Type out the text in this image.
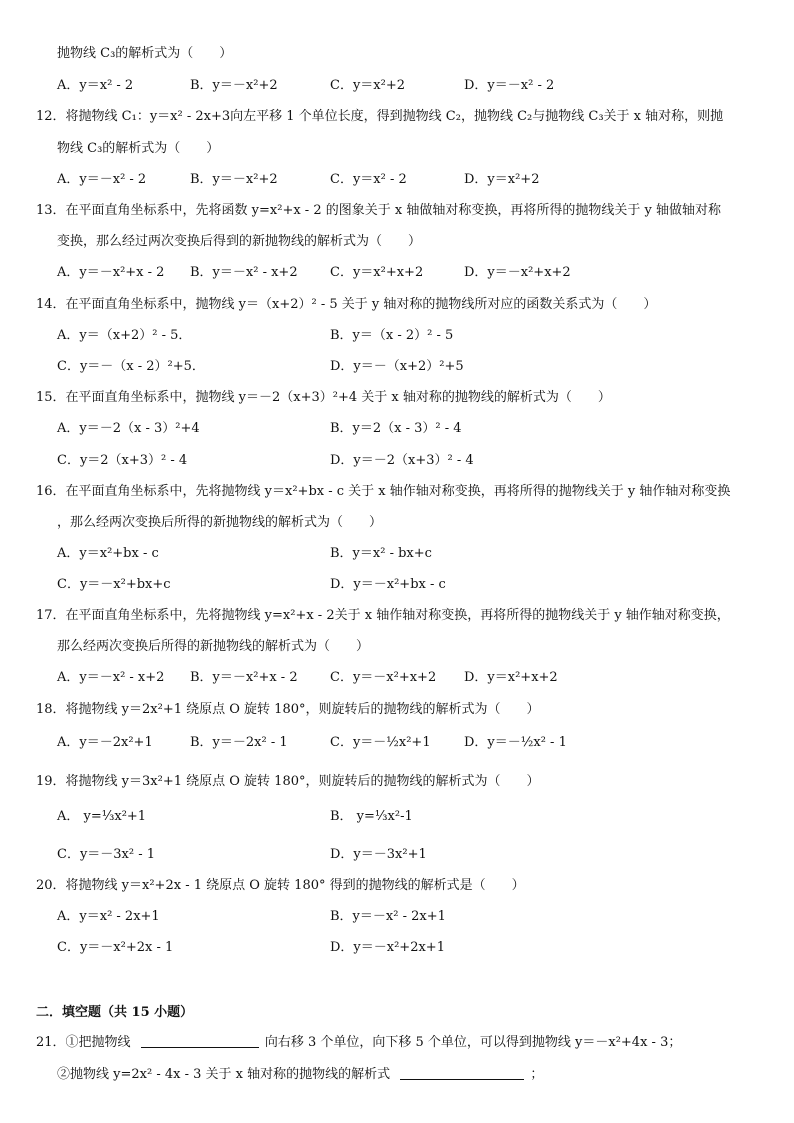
抛物线 C₃的解析式为（　　）
A．y＝x² - 2	B．y＝－x²+2	C．y＝x²+2	D．y＝－x² - 2
12．将抛物线 C₁：y＝x² - 2x+3向左平移 1 个单位长度，得到抛物线 C₂，抛物线 C₂与抛物线 C₃关于 x 轴对称，则抛
物线 C₃的解析式为（　　）
A．y＝－x² - 2	B．y＝－x²+2	C．y＝x² - 2	D．y＝x²+2
13．在平面直角坐标系中，先将函数 y=x²+x - 2 的图象关于 x 轴做轴对称变换，再将所得的抛物线关于 y 轴做轴对称
变换，那么经过两次变换后得到的新抛物线的解析式为（　　）
A．y＝－x²+x - 2 B．y＝－x² - x+2 C．y＝x²+x+2	D．y＝－x²+x+2
14．在平面直角坐标系中，抛物线 y＝（x+2）² - 5 关于 y 轴对称的抛物线所对应的函数关系式为（　　）
A．y＝（x+2）² - 5．	B．y＝（x - 2）² - 5
C．y＝－（x - 2）²+5．	D．y＝－（x+2）²+5
15．在平面直角坐标系中，抛物线 y＝－2（x+3）²+4 关于 x 轴对称的抛物线的解析式为（　　）
A．y＝－2（x - 3）²+4	B．y＝2（x - 3）² - 4
C．y＝2（x+3）² - 4	D．y＝－2（x+3）² - 4
16．在平面直角坐标系中，先将抛物线 y＝x²+bx - c 关于 x 轴作轴对称变换，再将所得的抛物线关于 y 轴作轴对称变换
，那么经两次变换后所得的新抛物线的解析式为（　　）
A．y＝x²+bx - c	B．y＝x² - bx+c
C．y＝－x²+bx+c	D．y＝－x²+bx - c
17．在平面直角坐标系中，先将抛物线 y=x²+x - 2关于 x 轴作轴对称变换，再将所得的抛物线关于 y 轴作轴对称变换，
那么经两次变换后所得的新抛物线的解析式为（　　）
A．y＝－x² - x+2 B．y＝－x²+x - 2 C．y＝－x²+x+2 D．y＝x²+x+2
18．将抛物线 y＝2x²+1 绕原点 O 旋转 180°，则旋转后的抛物线的解析式为（　　）
A．y＝－2x²+1	B．y＝－2x² - 1	C．y＝－½x²+1	D．y＝－½x² - 1
19．将抛物线 y＝3x²+1 绕原点 O 旋转 180°，则旋转后的抛物线的解析式为（　　）
A． y=⅓x²+1	B． y=⅓x²-1
C．y＝－3x² - 1	D．y＝－3x²+1
20．将抛物线 y＝x²+2x - 1 绕原点 O 旋转 180° 得到的抛物线的解析式是（　　）
A．y＝x² - 2x+1	B．y＝－x² - 2x+1
C．y＝－x²+2x - 1	D．y＝－x²+2x+1
二．填空题（共 15 小题）
21．①把抛物线	向右移 3 个单位，向下移 5 个单位，可以得到抛物线 y＝－x²+4x - 3；
②抛物线 y=2x² - 4x - 3 关于 x 轴对称的抛物线的解析式	；
